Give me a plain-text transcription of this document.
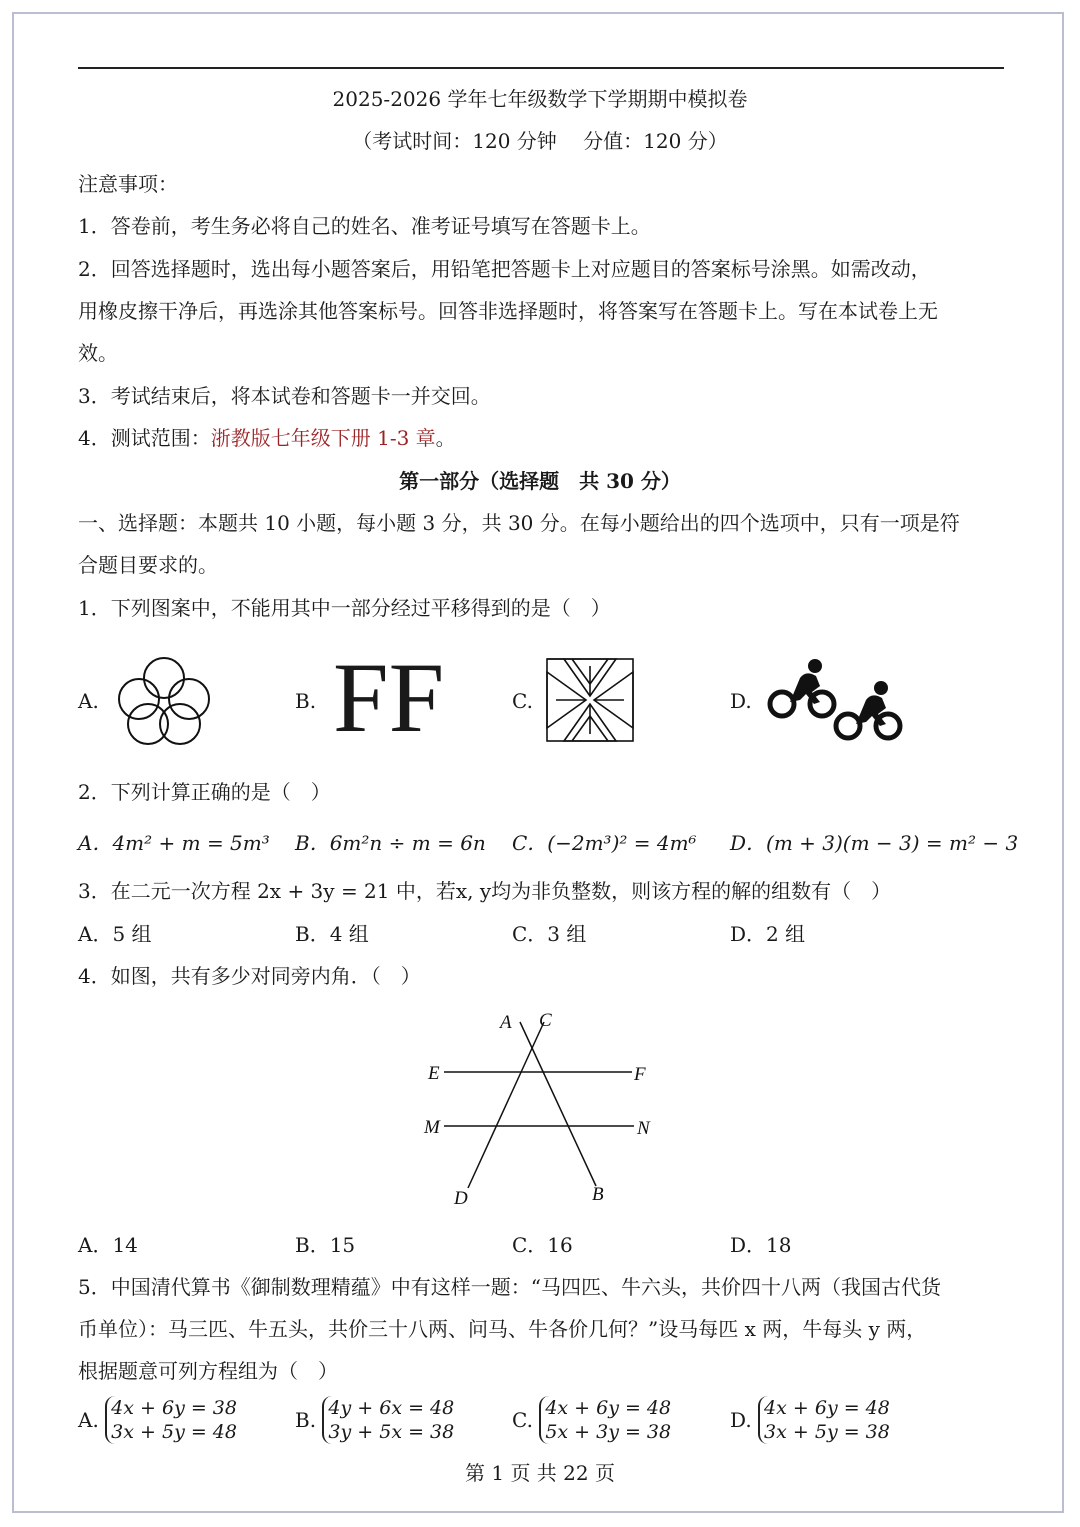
2025-2026 学年七年级数学下学期期中模拟卷
（考试时间：120 分钟　 分值：120 分）
注意事项：
1．答卷前，考生务必将自己的姓名、准考证号填写在答题卡上。
2．回答选择题时，选出每小题答案后，用铅笔把答题卡上对应题目的答案标号涂黑。如需改动，
用橡皮擦干净后，再选涂其他答案标号。回答非选择题时，将答案写在答题卡上。写在本试卷上无
效。
3．考试结束后，将本试卷和答题卡一并交回。
4．测试范围：浙教版七年级下册 1-3 章。
第一部分（选择题　共 30 分）
一、选择题：本题共 10 小题，每小题 3 分，共 30 分。在每小题给出的四个选项中，只有一项是符
合题目要求的。
1．下列图案中，不能用其中一部分经过平移得到的是（　）
A.	B.	C.	D.
FF
2．下列计算正确的是（　）
A．4m² + m = 5m³ B．6m²n ÷ m = 6n C．(−2m³)² = 4m⁶ D．(m + 3)(m − 3) = m² − 3
3．在二元一次方程 2x + 3y = 21 中，若x, y均为非负整数，则该方程的解的组数有（　）
A．5 组	B．4 组	C．3 组	D．2 组
4．如图，共有多少对同旁内角．（　）
A C
E	F
M	N
D	B
A．14	B．15	C．16	D．18
5．中国清代算书《御制数理精蕴》中有这样一题：“马四匹、牛六头，共价四十八两（我国古代货
币单位）：马三匹、牛五头，共价三十八两、问马、牛各价几何？”设马每匹 x 两，牛每头 y 两，
根据题意可列方程组为（　）
A. 4x + 6y = 38
3x + 5y = 48	B. 4y + 6x = 48
3y + 5x = 38	C. 4x + 6y = 48
5x + 3y = 38	D. 4x + 6y = 48
3x + 5y = 38
第 1 页 共 22 页
